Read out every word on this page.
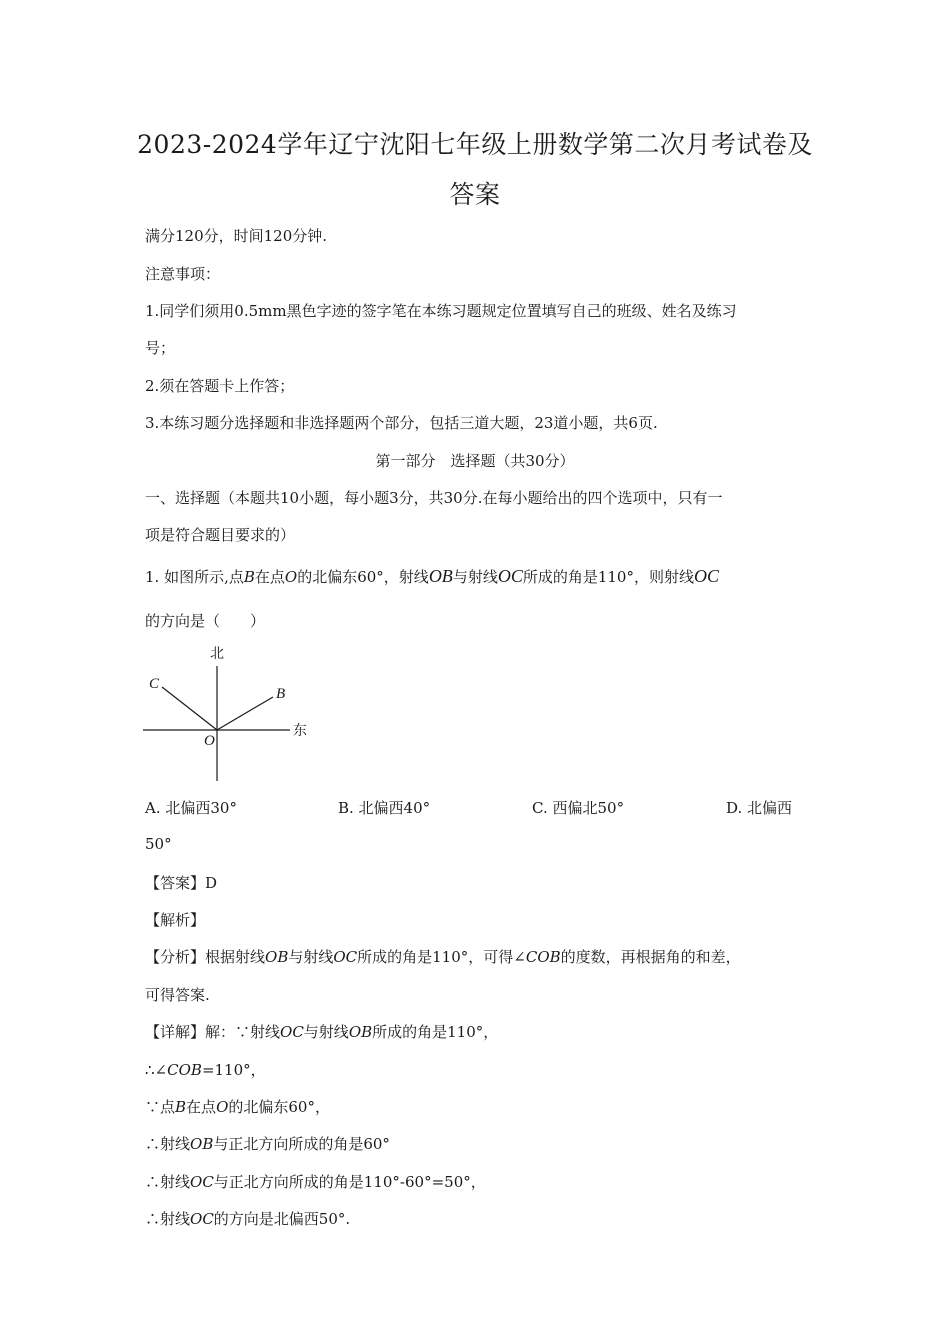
2023-2024学年辽宁沈阳七年级上册数学第二次月考试卷及
答案
满分120分，时间120分钟.
注意事项：
1.同学们须用0.5mm黑色字迹的签字笔在本练习题规定位置填写自己的班级、姓名及练习
号；
2.须在答题卡上作答；
3.本练习题分选择题和非选择题两个部分，包括三道大题，23道小题，共6页.
第一部分　选择题（共30分）
一、选择题（本题共10小题，每小题3分，共30分.在每小题给出的四个选项中，只有一
项是符合题目要求的）
1. 如图所示,点B在点O的北偏东60°，射线OB与射线OC所成的角是110°，则射线OC
的方向是（　　）
北
东
C
B
O
A. 北偏西30°	B. 北偏西40°	C. 西偏北50°	D. 北偏西
50°
【答案】D
【解析】
【分析】根据射线OB与射线OC所成的角是110°，可得∠COB的度数，再根据角的和差，
可得答案.
【详解】解：∵射线OC与射线OB所成的角是110°，
∴∠COB=110°，
∵点B在点O的北偏东60°，
∴射线OB与正北方向所成的角是60°
∴射线OC与正北方向所成的角是110°-60°=50°，
∴射线OC的方向是北偏西50°.
